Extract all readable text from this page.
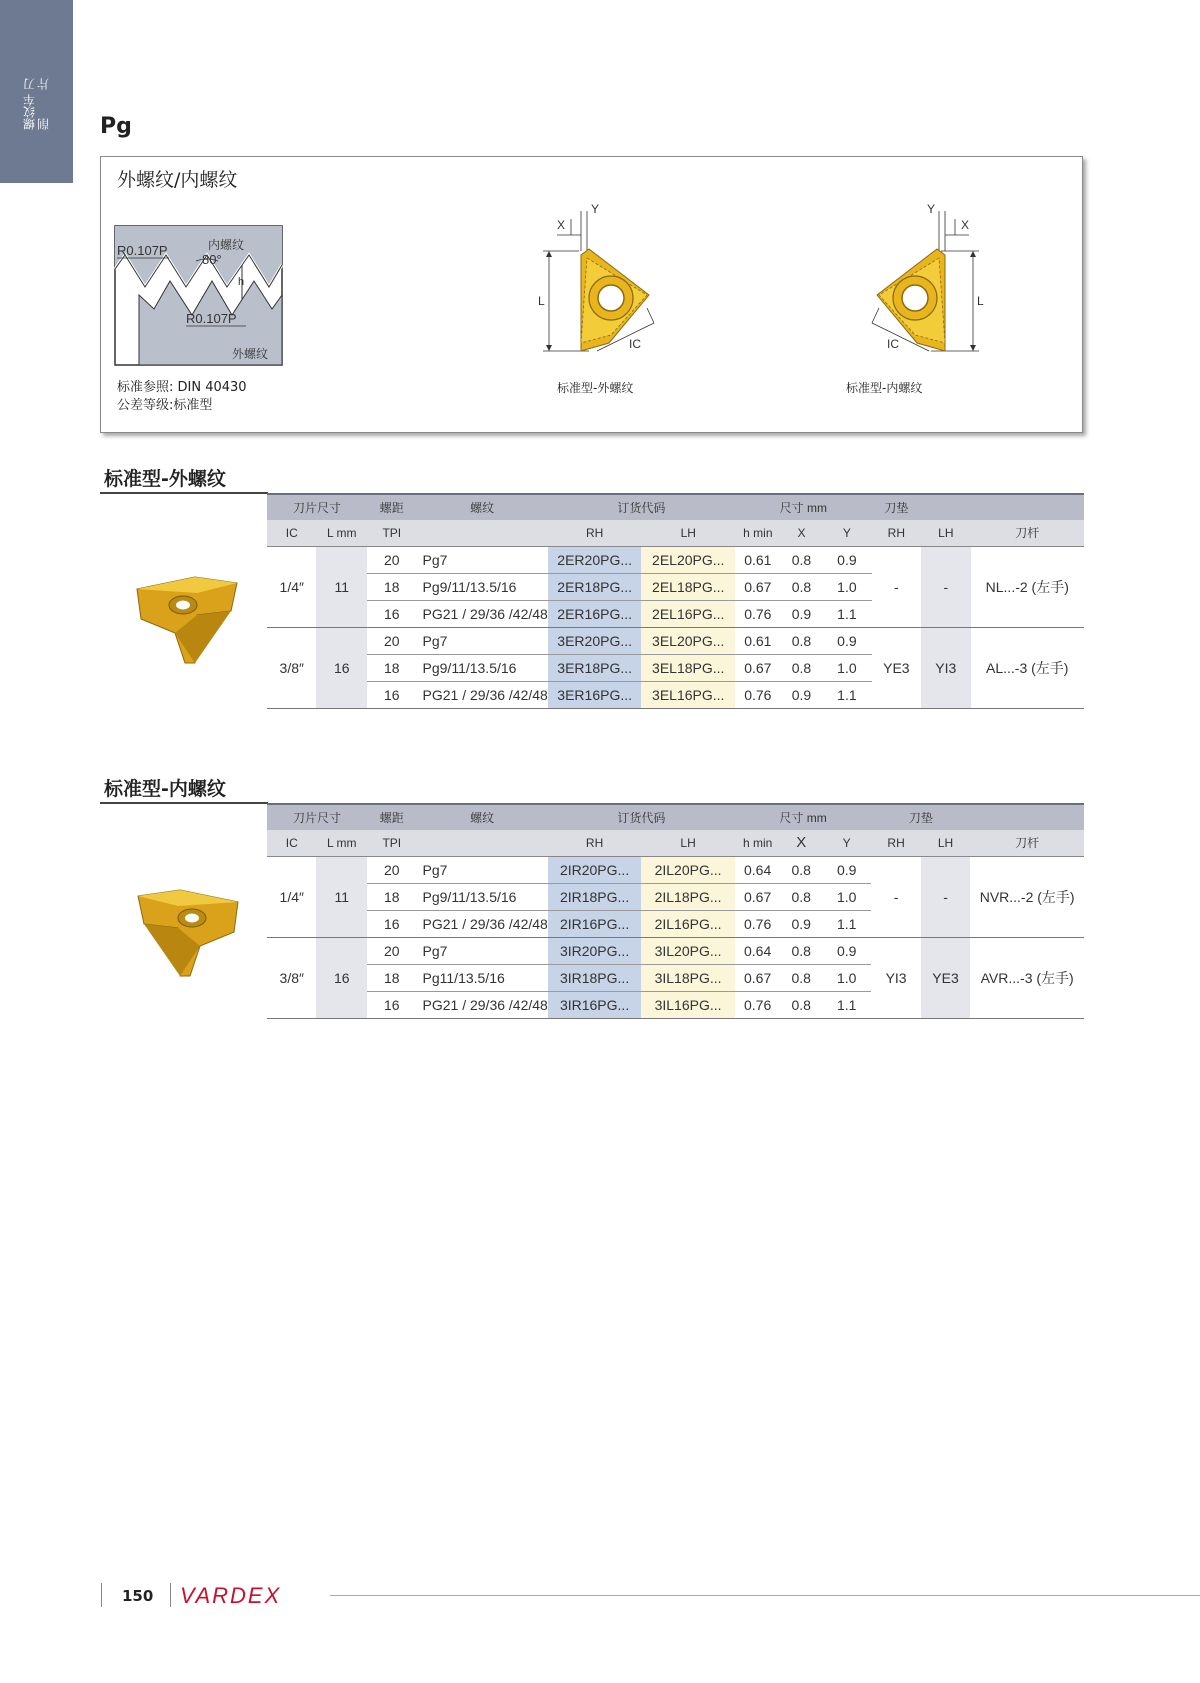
螺纹车削
刀片
Pg
外螺纹/内螺纹
R0.107P	内螺纹
80°
h
R0.107P
外螺纹
标准参照: DIN 40430
公差等级:标准型
L
X
Y
IC
标准型-外螺纹
L
Y
X
IC
标准型-内螺纹
标准型-外螺纹
刀片尺寸		螺距	螺纹	订货代码		尺寸 mm			刀垫		
IC	L mm	TPI		RH	LH	h min	X	Y	RH	LH	刀杆
1/4″	11	20	Pg7	2ER20PG...	2EL20PG...	0.61	0.8	0.9	-	-	NL...-2 (左手)
		18	Pg9/11/13.5/16	2ER18PG...	2EL18PG...	0.67	0.8	1.0			
		16	PG21 / 29/36 /42/48	2ER16PG...	2EL16PG...	0.76	0.9	1.1			
3/8″	16	20	Pg7	3ER20PG...	3EL20PG...	0.61	0.8	0.9	YE3	YI3	AL...-3 (左手)
		18	Pg9/11/13.5/16	3ER18PG...	3EL18PG...	0.67	0.8	1.0			
		16	PG21 / 29/36 /42/48	3ER16PG...	3EL16PG...	0.76	0.9	1.1			
标准型-内螺纹
刀片尺寸		螺距	螺纹	订货代码		尺寸 mm			刀垫		
IC	L mm	TPI		RH	LH	h min	X	Y	RH	LH	刀杆
1/4″	11	20	Pg7	2IR20PG...	2IL20PG...	0.64	0.8	0.9	-	-	NVR...-2 (左手)
		18	Pg9/11/13.5/16	2IR18PG...	2IL18PG...	0.67	0.8	1.0			
		16	PG21 / 29/36 /42/48	2IR16PG...	2IL16PG...	0.76	0.9	1.1			
3/8″	16	20	Pg7	3IR20PG...	3IL20PG...	0.64	0.8	0.9	YI3	YE3	AVR...-3 (左手)
		18	Pg11/13.5/16	3IR18PG...	3IL18PG...	0.67	0.8	1.0			
		16	PG21 / 29/36 /42/48	3IR16PG...	3IL16PG...	0.76	0.8	1.1			
150 VARDEX
